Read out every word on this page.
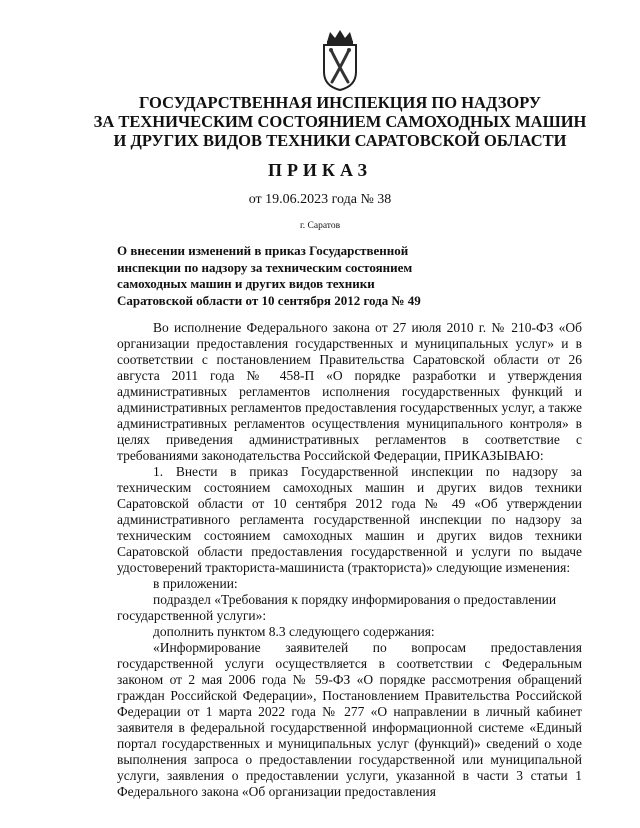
ГОСУДАРСТВЕННАЯ ИНСПЕКЦИЯ ПО НАДЗОРУ
ЗА ТЕХНИЧЕСКИМ СОСТОЯНИЕМ САМОХОДНЫХ МАШИН
И ДРУГИХ ВИДОВ ТЕХНИКИ САРАТОВСКОЙ ОБЛАСТИ
ПРИКАЗ
от 19.06.2023 года № 38
г. Саратов
О внесении изменений в приказ Государственной инспекции по надзору за техническим состоянием самоходных машин и других видов техники Саратовской области от 10 сентября 2012 года № 49

Во исполнение Федерального закона от 27 июля 2010 г. № 210-ФЗ «Об организации предоставления государственных и муниципальных услуг» и в соответствии с постановлением Правительства Саратовской области от 26 августа 2011 года № 458-П «О порядке разработки и утверждения административных регламентов исполнения государственных функций и административных регламентов предоставления государственных услуг, а также административных регламентов осуществления муниципального контроля» в целях приведения административных регламентов в соответствие с требованиями законодательства Российской Федерации, ПРИКАЗЫВАЮ:

1. Внести в приказ Государственной инспекции по надзору за техническим состоянием самоходных машин и других видов техники Саратовской области от 10 сентября 2012 года № 49 «Об утверждении административного регламента государственной инспекции по надзору за техническим состоянием самоходных машин и других видов техники Саратовской области предоставления государственной и услуги по выдаче удостоверений тракториста-машиниста (тракториста)» следующие изменения:

в приложении:

подраздел «Требования к порядку информирования о предоставлении государственной услуги»:

дополнить пунктом 8.3 следующего содержания:

«Информирование заявителей по вопросам предоставления государственной услуги осуществляется в соответствии с Федеральным законом от 2 мая 2006 года № 59-ФЗ «О порядке рассмотрения обращений граждан Российской Федерации», Постановлением Правительства Российской Федерации от 1 марта 2022 года № 277 «О направлении в личный кабинет заявителя в федеральной государственной информационной системе «Единый портал государственных и муниципальных услуг (функций)» сведений о ходе выполнения запроса о предоставлении государственной или муниципальной услуги, заявления о предоставлении услуги, указанной в части 3 статьи 1 Федерального закона «Об организации предоставления
